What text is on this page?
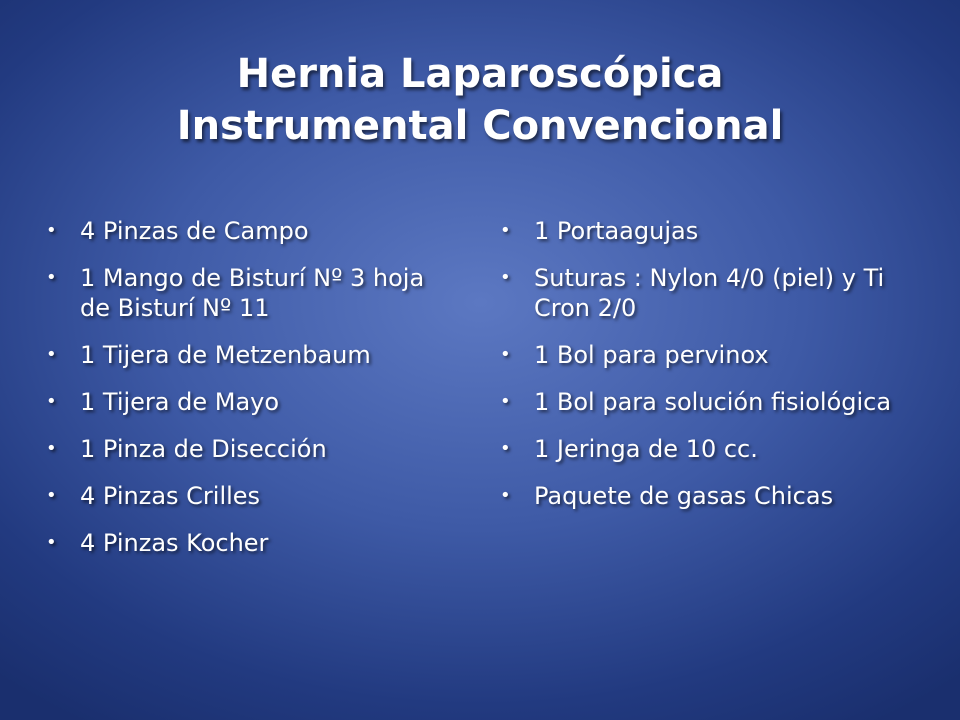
Hernia Laparoscópica
Instrumental Convencional
• 4 Pinzas de Campo
• 1 Mango de Bisturí Nº 3 hoja de Bisturí Nº 11
• 1 Tijera de Metzenbaum
• 1 Tijera de Mayo
• 1 Pinza de Disección
• 4 Pinzas Crilles
• 4 Pinzas Kocher
• 1 Portaagujas
• Suturas : Nylon 4/0 (piel) y Ti Cron 2/0
• 1 Bol para pervinox
• 1 Bol para solución fisiológica
• 1 Jeringa de 10 cc.
• Paquete de gasas Chicas
